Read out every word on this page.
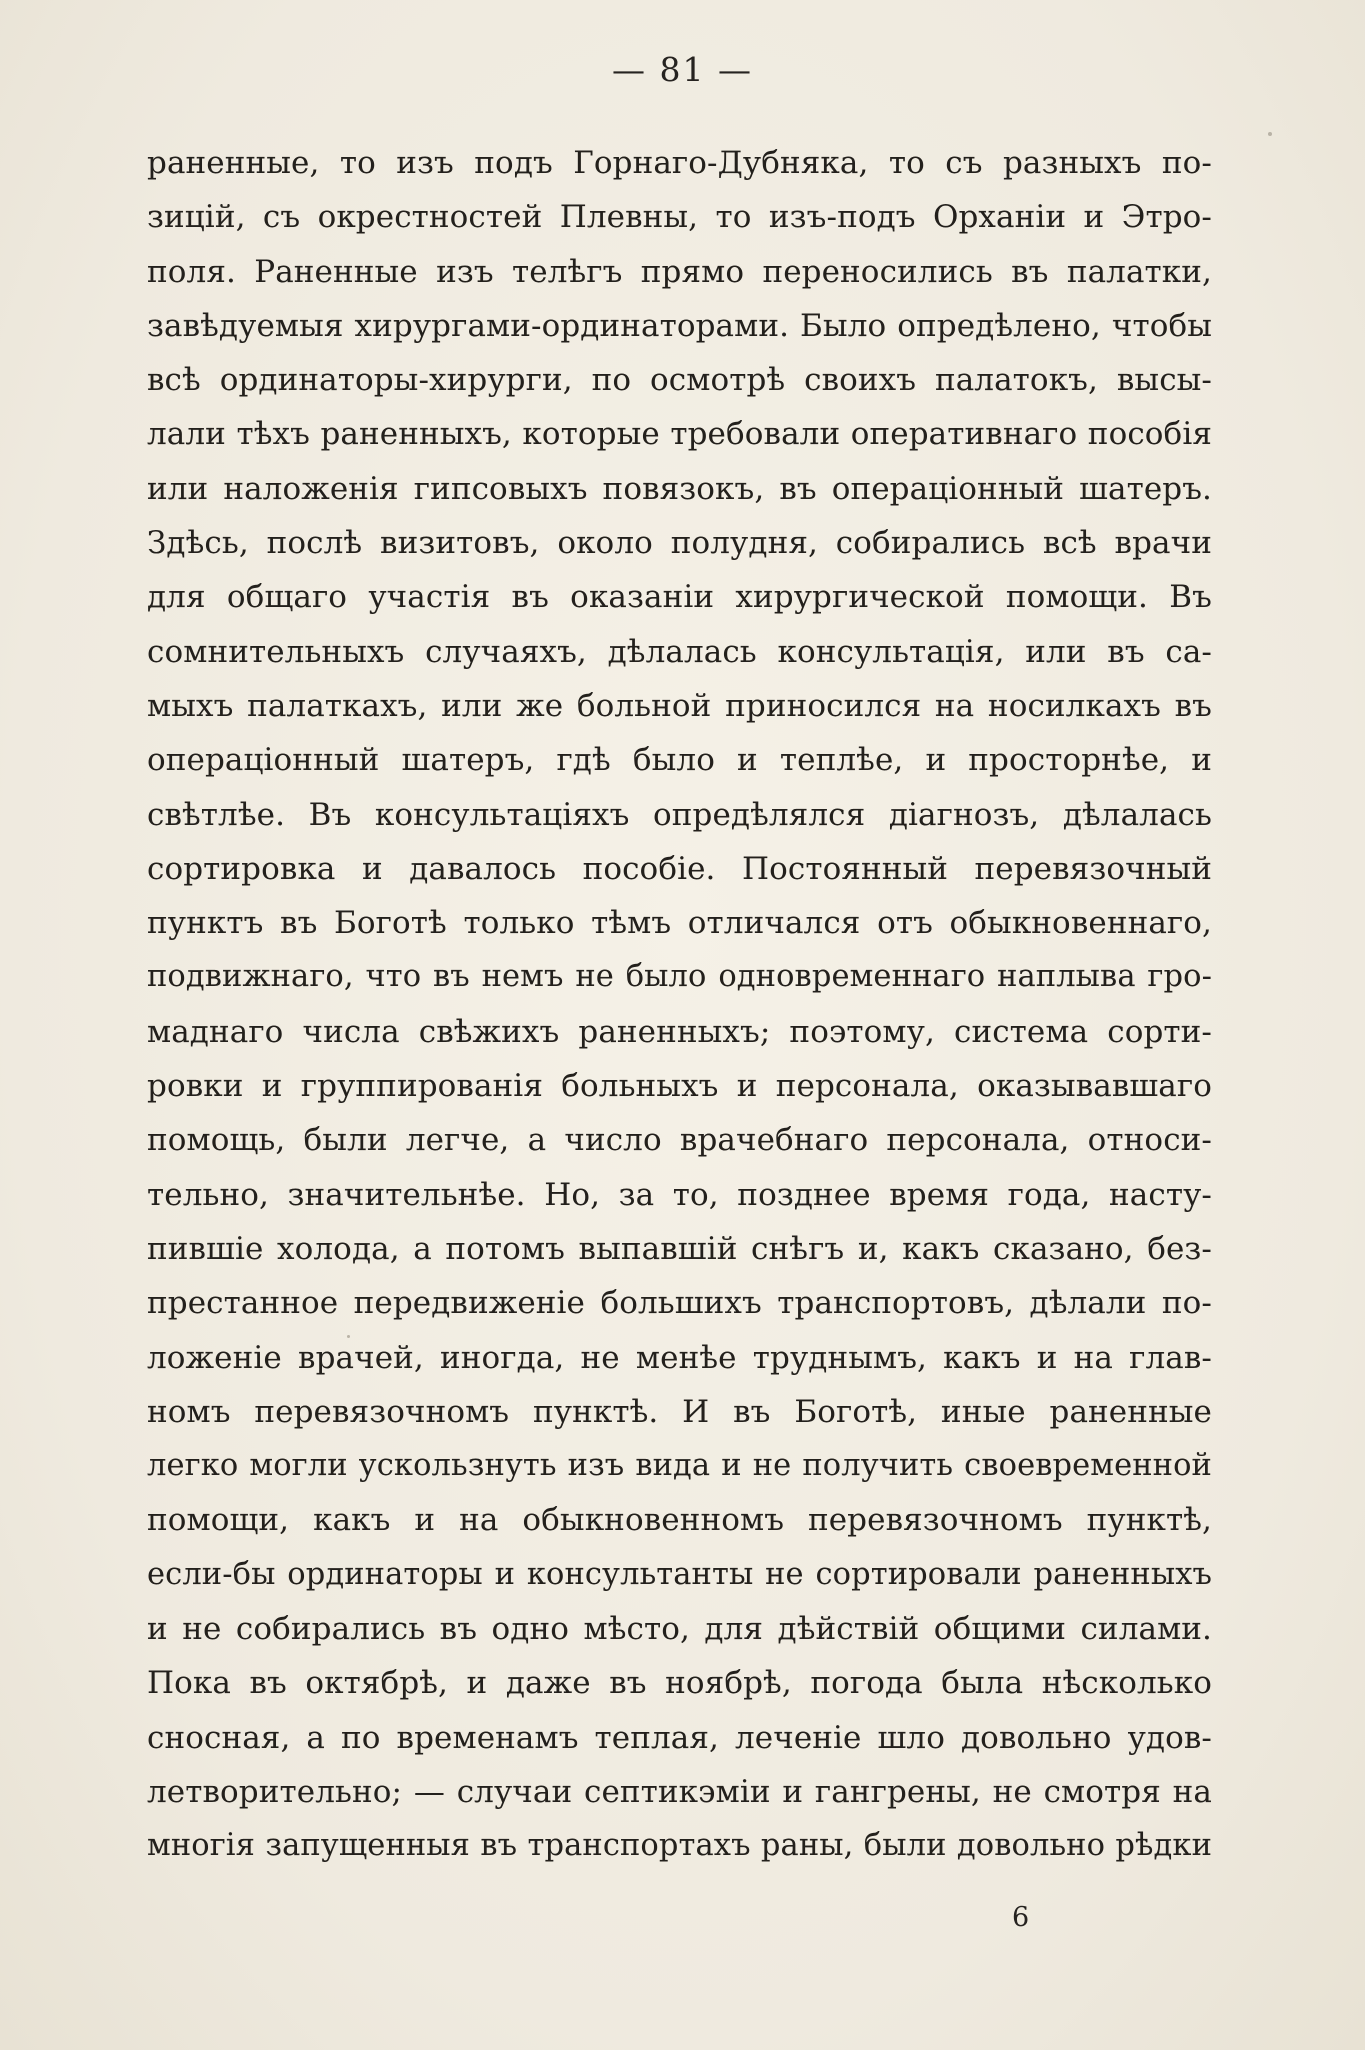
— 81 —
раненные, то изъ подъ Горнаго-Дубняка, то съ разныхъ по-
зицій, съ окрестностей Плевны, то изъ-подъ Орханіи и Этро-
поля. Раненные изъ телѣгъ прямо переносились въ палатки,
завѣдуемыя хирургами-ординаторами. Было опредѣлено, чтобы
всѣ ординаторы-хирурги, по осмотрѣ своихъ палатокъ, высы-
лали тѣхъ раненныхъ, которые требовали оперативнаго пособія
или наложенія гипсовыхъ повязокъ, въ операціонный шатеръ.
Здѣсь, послѣ визитовъ, около полудня, собирались всѣ врачи
для общаго участія въ оказаніи хирургической помощи. Въ
сомнительныхъ случаяхъ, дѣлалась консультація, или въ са-
мыхъ палаткахъ, или же больной приносился на носилкахъ въ
операціонный шатеръ, гдѣ было и теплѣе, и просторнѣе, и
свѣтлѣе. Въ консультаціяхъ опредѣлялся діагнозъ, дѣлалась
сортировка и давалось пособіе. Постоянный перевязочный
пунктъ въ Боготѣ только тѣмъ отличался отъ обыкновеннаго,
подвижнаго, что въ немъ не было одновременнаго наплыва гро-
маднаго числа свѣжихъ раненныхъ; поэтому, система сорти-
ровки и группированія больныхъ и персонала, оказывавшаго
помощь, были легче, а число врачебнаго персонала, относи-
тельно, значительнѣе. Но, за то, позднее время года, насту-
пившіе холода, а потомъ выпавшій снѣгъ и, какъ сказано, без-
престанное передвиженіе большихъ транспортовъ, дѣлали по-
ложеніе врачей, иногда, не менѣе труднымъ, какъ и на глав-
номъ перевязочномъ пунктѣ. И въ Боготѣ, иные раненные
легко могли ускользнуть изъ вида и не получить своевременной
помощи, какъ и на обыкновенномъ перевязочномъ пунктѣ,
если-бы ординаторы и консультанты не сортировали раненныхъ
и не собирались въ одно мѣсто, для дѣйствій общими силами.
Пока въ октябрѣ, и даже въ ноябрѣ, погода была нѣсколько
сносная, а по временамъ теплая, леченіе шло довольно удов-
летворительно; — случаи септикэміи и гангрены, не смотря на
многія запущенныя въ транспортахъ раны, были довольно рѣдки
6
